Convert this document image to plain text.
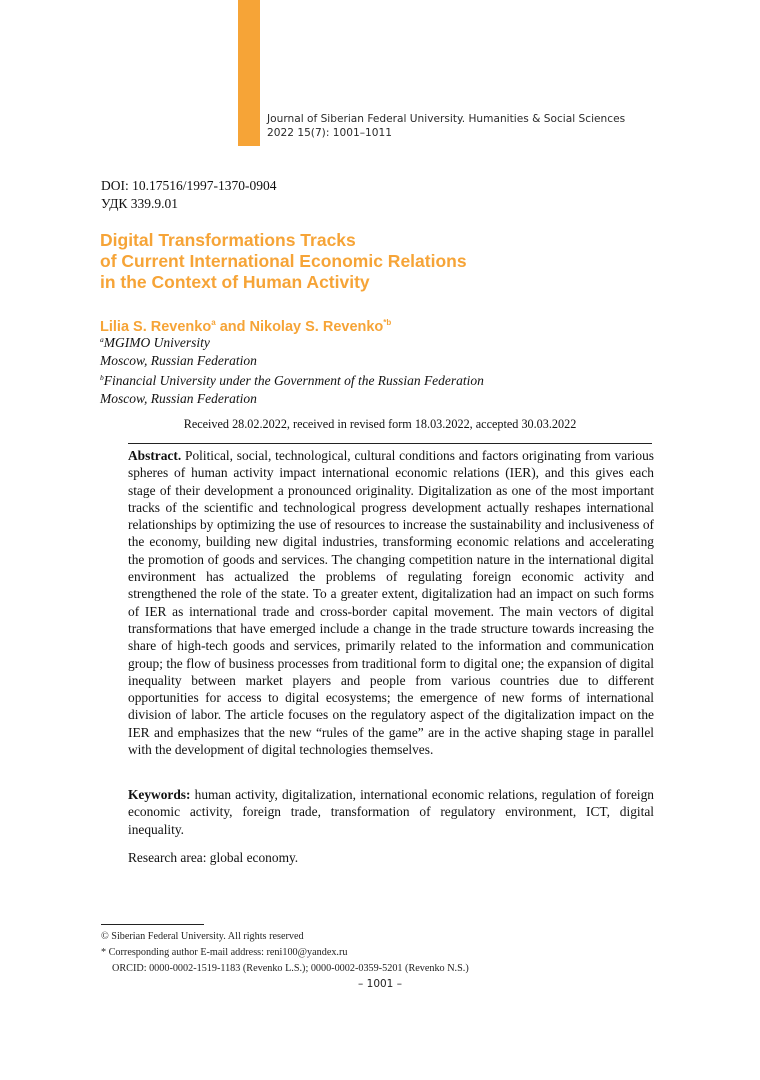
Journal of Siberian Federal University. Humanities & Social Sciences
2022 15(7): 1001–1011
DOI: 10.17516/1997-1370-0904
УДК 339.9.01
Digital Transformations Tracks
of Current International Economic Relations
in the Context of Human Activity
Lilia S. Revenko$^a$ and Nikolay S. Revenko$^{*b}$
$^a$MGIMO University
Moscow, Russian Federation
$^b$Financial University under the Government of the Russian Federation
Moscow, Russian Federation
Received 28.02.2022, received in revised form 18.03.2022, accepted 30.03.2022

Abstract. Political, social, technological, cultural conditions and factors originating from various spheres of human activity impact international economic relations (IER), and this gives each stage of their development a pronounced originality. Digitalization as one of the most important tracks of the scientific and technological progress development actually reshapes international relationships by optimizing the use of resources to increase the sustainability and inclusiveness of the economy, building new digital industries, transforming economic relations and accelerating the promotion of goods and services. The changing competition nature in the international digital environment has actualized the problems of regulating foreign economic activity and strengthened the role of the state. To a greater extent, digitalization had an impact on such forms of IER as international trade and cross-border capital movement. The main vectors of digital transformations that have emerged include a change in the trade structure towards increasing the share of high-tech goods and services, primarily related to the information and communication group; the flow of business processes from traditional form to digital one; the expansion of digital inequality between market players and people from various countries due to different opportunities for access to digital ecosystems; the emergence of new forms of international division of labor. The article focuses on the regulatory aspect of the digitalization impact on the IER and emphasizes that the new “rules of the game” are in the active shaping stage in parallel with the development of digital technologies themselves.

Keywords: human activity, digitalization, international economic relations, regulation of foreign economic activity, foreign trade, transformation of regulatory environment, ICT, digital inequality.
Research area: global economy.
© Siberian Federal University. All rights reserved
* Corresponding author E-mail address: reni100@yandex.ru
ORCID: 0000-0002-1519-1183 (Revenko L.S.); 0000-0002-0359-5201 (Revenko N.S.)
– 1001 –
